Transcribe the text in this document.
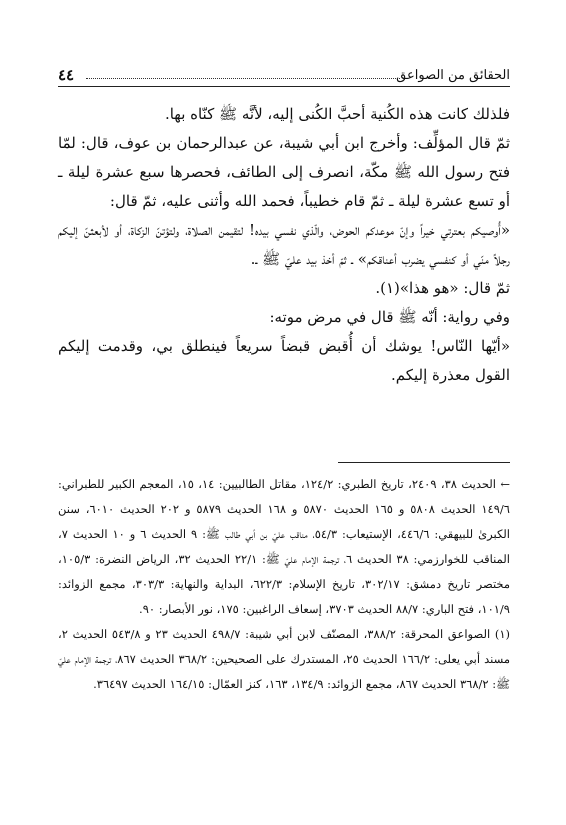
٤٤	الحقائق من الصواعق

فلذلك كانت هذه الكُنية أحبَّ الكُنى إليه، لأنَّه ﷺ كنّاه بها.

ثمّ قال المؤلِّف: وأخرج ابن أبي شيبة، عن عبدالرحمان بن عوف، قال: لمّا فتح رسول الله ﷺ مكّة، انصرف إلى الطائف، فحصرها سبع عشرة ليلة ـ أو تسع عشرة ليلة ـ ثمّ قام خطيباً، فحمد الله وأثنى عليه، ثمّ قال:

«أُوصيكم بعترتي خيراً وإنّ موعدكم الحوض، والّذي نفسي بيده! لتقيمن الصلاة، ولتؤتنّ الزكاة، أو لأبعثنّ إليكم رجلاً منّي أو كنفسي يضرب أعناقكم» ـ ثمّ أخذ بيد عليّ ﷺ ـ.

ثمّ قال: «هو هذا»(١).

وفي رواية: أنّه ﷺ قال في مرض موته:

«أيّها النّاس! يوشك أن أُقبض قبضاً سريعاً فينطلق بي، وقدمت إليكم القول معذرة إليكم.

← الحديث ٣٨، ٢٤٠٩، تاريخ الطبري: ١٢٤/٢، مقاتل الطالبيين: ١٤، ١٥، المعجم الكبير للطبراني: ١٤٩/٦ الحديث ٥٨٠٨ و ١٦٥ الحديث ٥٨٧٠ و ١٦٨ الحديث ٥٨٧٩ و ٢٠٢ الحديث ٦٠١٠، سنن الكبرىٰ للبيهقي: ٤٤٦/٦، الإستيعاب: ٥٤/٣، مناقب عليّ بن أبي طالب ﷺ: ٩ الحديث ٦ و ١٠ الحديث ٧، المناقب للخوارزمي: ٣٨ الحديث ٦، ترجمة الإمام عليّ ﷺ: ٢٢/١ الحديث ٣٢، الرياض النضرة: ١٠٥/٣، مختصر تاريخ دمشق: ٣٠٢/١٧، تاريخ الإسلام: ٦٢٢/٣، البداية والنهاية: ٣٠٣/٣، مجمع الزوائد: ١٠١/٩، فتح الباري: ٨٨/٧ الحديث ٣٧٠٣، إسعاف الراغبين: ١٧٥، نور الأبصار: ٩٠.

(١) الصواعق المحرقة: ٣٨٨/٢، المصنّف لابن أبي شيبة: ٤٩٨/٧ الحديث ٢٣ و ٥٤٣/٨ الحديث ٢، مسند أبي يعلى: ١٦٦/٢ الحديث ٢٥، المستدرك على الصحيحين: ٣٦٨/٢ الحديث ٨٦٧، ترجمة الإمام عليّ ﷺ: ٣٦٨/٢ الحديث ٨٦٧، مجمع الزوائد: ١٣٤/٩، ١٦٣، كنز العمّال: ١٦٤/١٥ الحديث ٣٦٤٩٧.
